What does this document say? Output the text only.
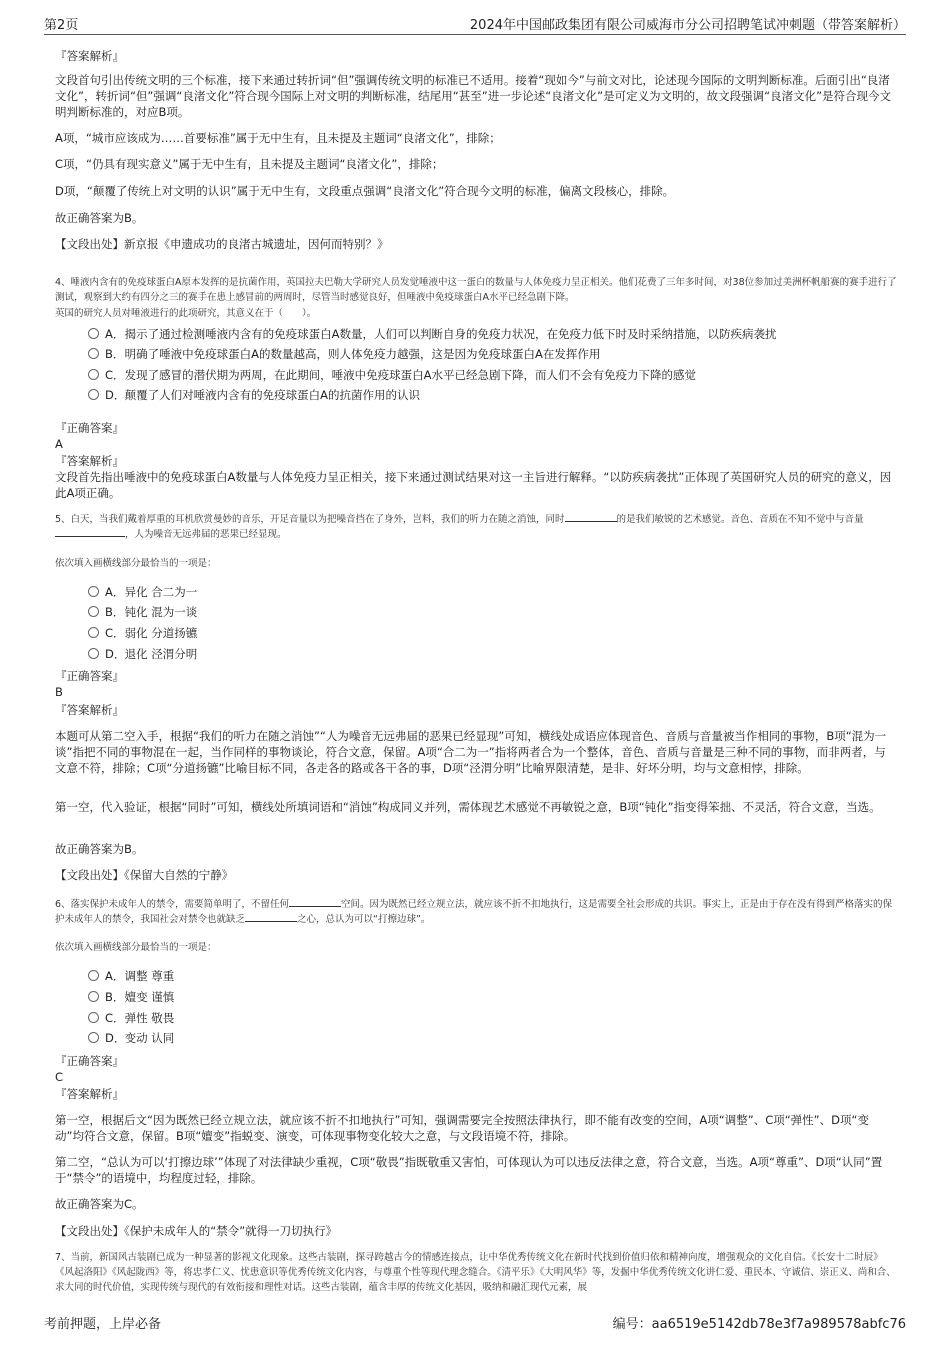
第2页	2024年中国邮政集团有限公司威海市分公司招聘笔试冲刺题（带答案解析）
『答案解析』
文段首句引出传统文明的三个标准，接下来通过转折词“但”强调传统文明的标准已不适用。接着“现如今”与前文对比，论述现今国际的文明判断标准。后面引出“良渚文化”，转折词“但”强调“良渚文化”符合现今国际上对文明的判断标准，结尾用“甚至”进一步论述“良渚文化”是可定义为文明的，故文段强调“良渚文化”是符合现今文明判断标准的，对应B项。
A项，“城市应该成为……首要标准”属于无中生有，且未提及主题词“良渚文化”，排除；
C项，“仍具有现实意义”属于无中生有，且未提及主题词“良渚文化”，排除；
D项，“颠覆了传统上对文明的认识”属于无中生有，文段重点强调“良渚文化”符合现今文明的标准，偏离文段核心，排除。
故正确答案为B。
【文段出处】新京报《申遗成功的良渚古城遗址，因何而特别？》
4、唾液内含有的免疫球蛋白A原本发挥的是抗菌作用，英国拉夫巴勒大学研究人员发觉唾液中这一蛋白的数量与人体免疫力呈正相关。他们花费了三年多时间，对38位参加过美洲杯帆船赛的赛手进行了测试，观察到大约有四分之三的赛手在患上感冒前的两周时，尽管当时感觉良好，但唾液中免疫球蛋白A水平已经急剧下降。
英国的研究人员对唾液进行的此项研究，其意义在于（　　）。
A． 揭示了通过检测唾液内含有的免疫球蛋白A数量，人们可以判断自身的免疫力状况，在免疫力低下时及时采纳措施，以防疾病袭扰
B． 明确了唾液中免疫球蛋白A的数量越高，则人体免疫力越强，这是因为免疫球蛋白A在发挥作用
C． 发现了感冒的潜伏期为两周，在此期间，唾液中免疫球蛋白A水平已经急剧下降，而人们不会有免疫力下降的感觉
D． 颠覆了人们对唾液内含有的免疫球蛋白A的抗菌作用的认识
『正确答案』
A
『答案解析』
文段首先指出唾液中的免疫球蛋白A数量与人体免疫力呈正相关，接下来通过测试结果对这一主旨进行解释。“以防疾病袭扰”正体现了英国研究人员的研究的意义，因此A项正确。
5、白天，当我们戴着厚重的耳机欣赏曼妙的音乐，开足音量以为把噪音挡在了身外，岂料，我们的听力在随之消蚀，同时	的是我们敏锐的艺术感觉。音色、音质在不知不觉中与音量，人为噪音无远弗届的恶果已经显现。
依次填入画横线部分最恰当的一项是：
A． 异化 合二为一
B． 钝化 混为一谈
C． 弱化 分道扬镳
D． 退化 泾渭分明
『正确答案』
B
『答案解析』
本题可从第二空入手，根据“我们的听力在随之消蚀”“人为噪音无远弗届的恶果已经显现”可知，横线处成语应体现音色、音质与音量被当作相同的事物，B项“混为一谈”指把不同的事物混在一起，当作同样的事物谈论，符合文意，保留。A项“合二为一”指将两者合为一个整体，音色、音质与音量是三种不同的事物，而非两者，与文意不符，排除；C项“分道扬镳”比喻目标不同，各走各的路或各干各的事，D项“泾渭分明”比喻界限清楚，是非、好坏分明，均与文意相悖，排除。
第一空，代入验证，根据“同时”可知，横线处所填词语和“消蚀”构成同义并列，需体现艺术感觉不再敏锐之意，B项“钝化”指变得笨拙、不灵活，符合文意，当选。
故正确答案为B。
【文段出处】《保留大自然的宁静》
6、落实保护未成年人的禁令，需要简单明了，不留任何	空间。因为既然已经立规立法，就应该不折不扣地执行，这是需要全社会形成的共识。事实上，正是由于存在没有得到严格落实的保护未成年人的禁令，我国社会对禁令也就缺乏	之心，总认为可以“打擦边球”。
依次填入画横线部分最恰当的一项是：
A． 调整 尊重
B． 嬗变 谨慎
C． 弹性 敬畏
D． 变动 认同
『正确答案』
C
『答案解析』
第一空，根据后文“因为既然已经立规立法，就应该不折不扣地执行”可知，强调需要完全按照法律执行，即不能有改变的空间，A项“调整”、C项“弹性”、D项“变动”均符合文意，保留。B项“嬗变”指蜕变、演变，可体现事物变化较大之意，与文段语境不符，排除。
第二空，“总认为可以‘打擦边球’”体现了对法律缺少重视，C项“敬畏”指既敬重又害怕，可体现认为可以违反法律之意，符合文意，当选。A项“尊重”、D项“认同”置于“禁令”的语境中，均程度过轻，排除。
故正确答案为C。
【文段出处】《保护未成年人的“禁令”就得一刀切执行》
7、当前，新国风古装剧已成为一种显著的影视文化现象。这些古装剧，探寻跨越古今的情感连接点，让中华优秀传统文化在新时代找到价值归依和精神向度，增强观众的文化自信。《长安十二时辰》《风起洛阳》《风起陇西》等，将忠孝仁义、忧患意识等优秀传统文化内容，与尊重个性等现代理念缝合。《清平乐》《大明风华》等，发掘中华优秀传统文化讲仁爱、重民本、守诚信、崇正义、尚和合、求大同的时代价值，实现传统与现代的有效衔接和理性对话。这些古装剧，蕴含丰厚的传统文化基因，吸纳和融汇现代元素，展
考前押题，上岸必备	编号：aa6519e5142db78e3f7a989578abfc76
